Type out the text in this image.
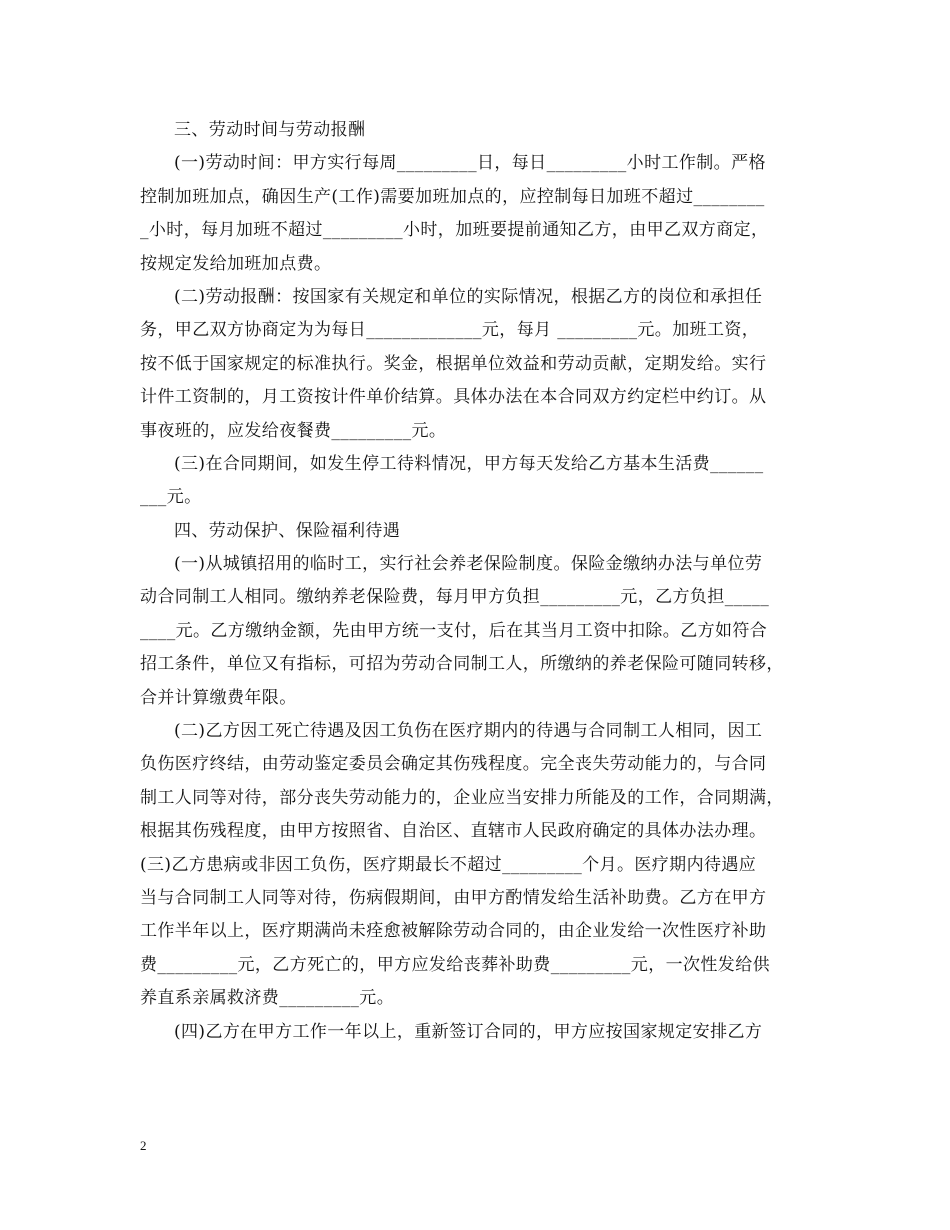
三、劳动时间与劳动报酬
(一)劳动时间：甲方实行每周_________日，每日_________小时工作制。严格
控制加班加点，确因生产(工作)需要加班加点的，应控制每日加班不超过________
_小时，每月加班不超过_________小时，加班要提前通知乙方，由甲乙双方商定，
按规定发给加班加点费。
(二)劳动报酬：按国家有关规定和单位的实际情况，根据乙方的岗位和承担任
务，甲乙双方协商定为为每日_____________元，每月 _________元。加班工资，
按不低于国家规定的标准执行。奖金，根据单位效益和劳动贡献，定期发给。实行
计件工资制的，月工资按计件单价结算。具体办法在本合同双方约定栏中约订。从
事夜班的，应发给夜餐费_________元。
(三)在合同期间，如发生停工待料情况，甲方每天发给乙方基本生活费______
___元。
四、劳动保护、保险福利待遇
(一)从城镇招用的临时工，实行社会养老保险制度。保险金缴纳办法与单位劳
动合同制工人相同。缴纳养老保险费，每月甲方负担_________元，乙方负担_____
____元。乙方缴纳金额，先由甲方统一支付，后在其当月工资中扣除。乙方如符合
招工条件，单位又有指标，可招为劳动合同制工人，所缴纳的养老保险可随同转移，
合并计算缴费年限。
(二)乙方因工死亡待遇及因工负伤在医疗期内的待遇与合同制工人相同，因工
负伤医疗终结，由劳动鉴定委员会确定其伤残程度。完全丧失劳动能力的，与合同
制工人同等对待，部分丧失劳动能力的，企业应当安排力所能及的工作，合同期满，
根据其伤残程度，由甲方按照省、自治区、直辖市人民政府确定的具体办法办理。
(三)乙方患病或非因工负伤，医疗期最长不超过_________个月。医疗期内待遇应
当与合同制工人同等对待，伤病假期间，由甲方酌情发给生活补助费。乙方在甲方
工作半年以上，医疗期满尚未痊愈被解除劳动合同的，由企业发给一次性医疗补助
费_________元，乙方死亡的，甲方应发给丧葬补助费_________元，一次性发给供
养直系亲属救济费_________元。
(四)乙方在甲方工作一年以上，重新签订合同的，甲方应按国家规定安排乙方
2
